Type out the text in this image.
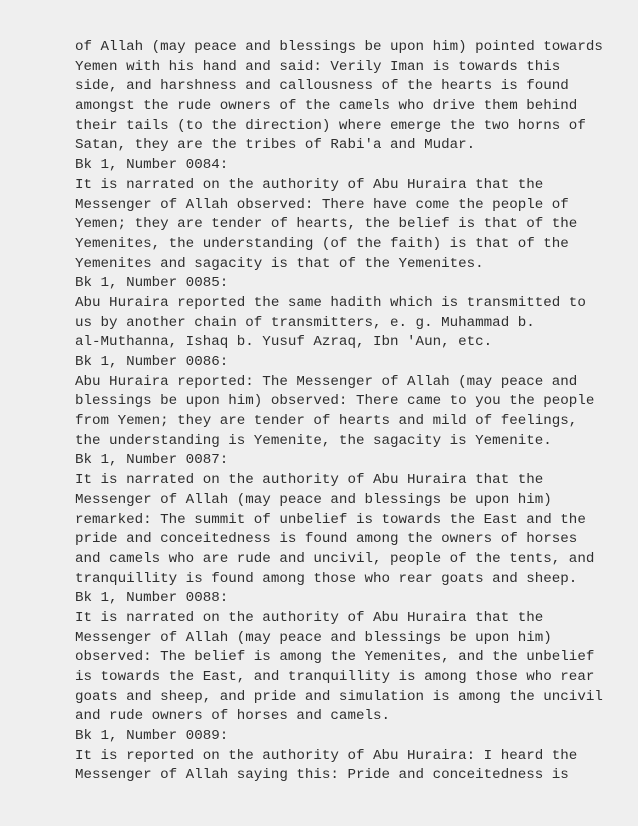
of Allah (may peace and blessings be upon him) pointed towards
Yemen with his hand and said: Verily Iman is towards this
side, and harshness and callousness of the hearts is found
amongst the rude owners of the camels who drive them behind
their tails (to the direction) where emerge the two horns of
Satan, they are the tribes of Rabi'a and Mudar.
Bk 1, Number 0084:
It is narrated on the authority of Abu Huraira that the
Messenger of Allah observed: There have come the people of
Yemen; they are tender of hearts, the belief is that of the
Yemenites, the understanding (of the faith) is that of the
Yemenites and sagacity is that of the Yemenites.
Bk 1, Number 0085:
Abu Huraira reported the same hadith which is transmitted to
us by another chain of transmitters, e. g. Muhammad b.
al-Muthanna, Ishaq b. Yusuf Azraq, Ibn 'Aun, etc.
Bk 1, Number 0086:
Abu Huraira reported: The Messenger of Allah (may peace and
blessings be upon him) observed: There came to you the people
from Yemen; they are tender of hearts and mild of feelings,
the understanding is Yemenite, the sagacity is Yemenite.
Bk 1, Number 0087:
It is narrated on the authority of Abu Huraira that the
Messenger of Allah (may peace and blessings be upon him)
remarked: The summit of unbelief is towards the East and the
pride and conceitedness is found among the owners of horses
and camels who are rude and uncivil, people of the tents, and
tranquillity is found among those who rear goats and sheep.
Bk 1, Number 0088:
It is narrated on the authority of Abu Huraira that the
Messenger of Allah (may peace and blessings be upon him)
observed: The belief is among the Yemenites, and the unbelief
is towards the East, and tranquillity is among those who rear
goats and sheep, and pride and simulation is among the uncivil
and rude owners of horses and camels.
Bk 1, Number 0089:
It is reported on the authority of Abu Huraira: I heard the
Messenger of Allah saying this: Pride and conceitedness is
